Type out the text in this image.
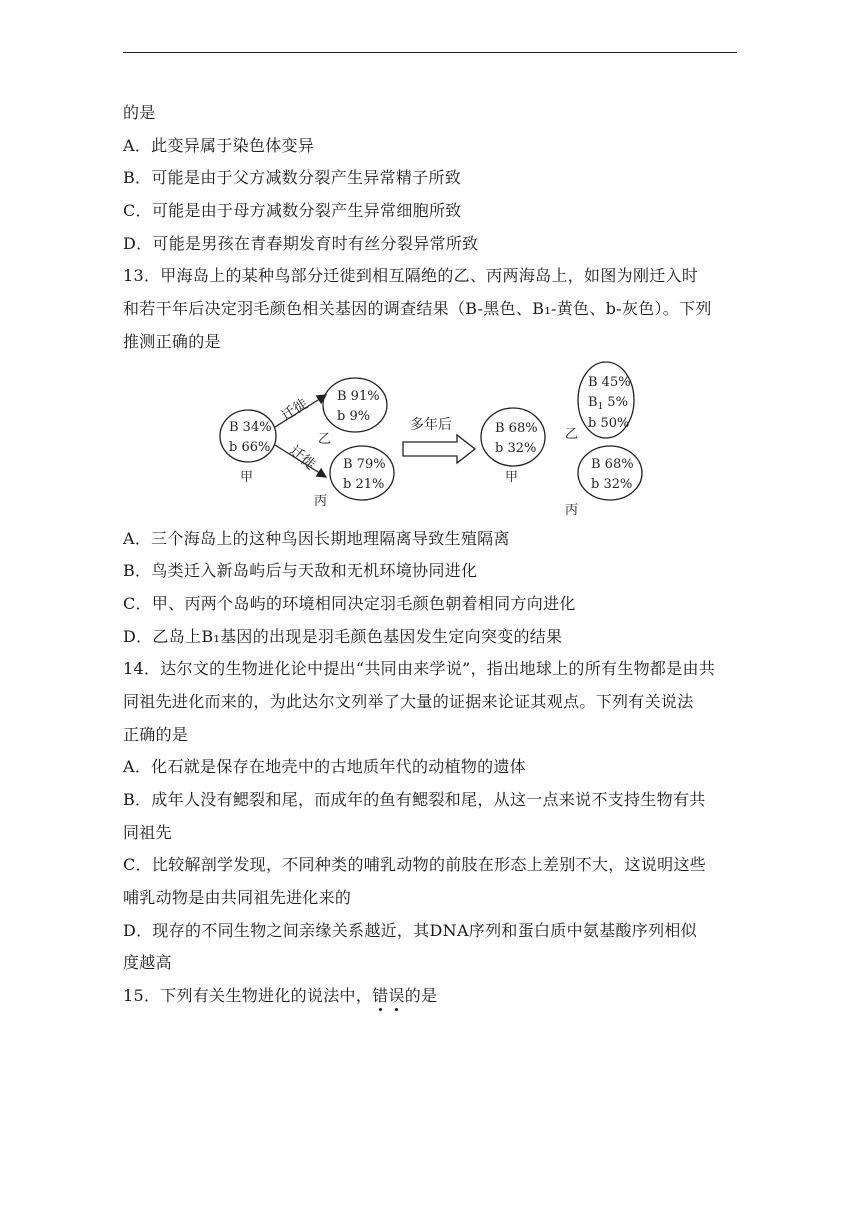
的是
A．此变异属于染色体变异
B．可能是由于父方减数分裂产生异常精子所致
C．可能是由于母方减数分裂产生异常细胞所致
D．可能是男孩在青春期发育时有丝分裂异常所致
13．甲海岛上的某种鸟部分迁徙到相互隔绝的乙、丙两海岛上，如图为刚迁入时
和若干年后决定羽毛颜色相关基因的调查结果（B-黑色、B₁-黄色、b-灰色）。下列
推测正确的是
B 34%
b 66%
甲
迁徙
迁徙
B 91%
b 9%
乙
B 79%
b 21%
丙
多年后	B 68%
b 32%
甲
B 45%
$B_1$ 5%
b 50%
乙
B 68%
b 32%
丙
A．三个海岛上的这种鸟因长期地理隔离导致生殖隔离
B．鸟类迁入新岛屿后与天敌和无机环境协同进化
C．甲、丙两个岛屿的环境相同决定羽毛颜色朝着相同方向进化
D．乙岛上B₁基因的出现是羽毛颜色基因发生定向突变的结果
14．达尔文的生物进化论中提出“共同由来学说”，指出地球上的所有生物都是由共
同祖先进化而来的，为此达尔文列举了大量的证据来论证其观点。下列有关说法
正确的是
A．化石就是保存在地壳中的古地质年代的动植物的遗体
B．成年人没有鳃裂和尾，而成年的鱼有鳃裂和尾，从这一点来说不支持生物有共
同祖先
C．比较解剖学发现，不同种类的哺乳动物的前肢在形态上差别不大，这说明这些
哺乳动物是由共同祖先进化来的
D．现存的不同生物之间亲缘关系越近，其DNA序列和蛋白质中氨基酸序列相似
度越高
15．下列有关生物进化的说法中，错误的是
